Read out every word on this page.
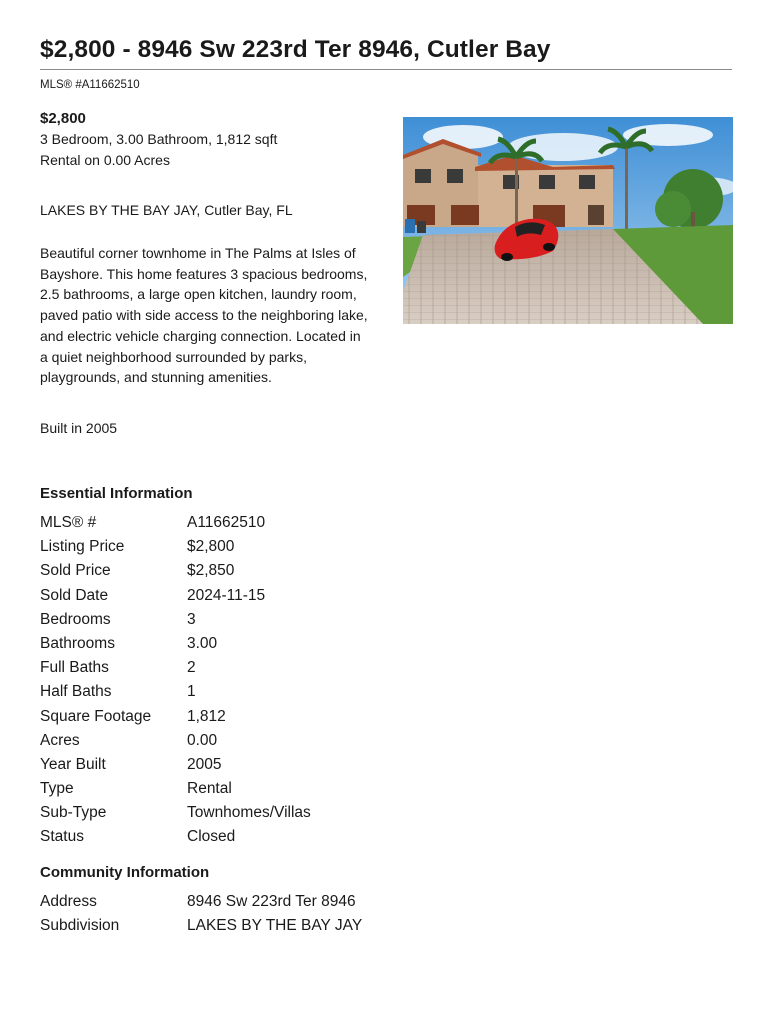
$2,800 - 8946 Sw 223rd Ter 8946, Cutler Bay
MLS® #A11662510
$2,800
3 Bedroom, 3.00 Bathroom, 1,812 sqft
Rental on 0.00 Acres
LAKES BY THE BAY JAY, Cutler Bay, FL
Beautiful corner townhome in The Palms at Isles of Bayshore. This home features 3 spacious bedrooms, 2.5 bathrooms, a large open kitchen, laundry room, paved patio with side access to the neighboring lake, and electric vehicle charging connection. Located in a quiet neighborhood surrounded by parks, playgrounds, and stunning amenities.
Built in 2005
Essential Information
MLS® #	A11662510
Listing Price	$2,800
Sold Price	$2,850
Sold Date	2024-11-15
Bedrooms	3
Bathrooms	3.00
Full Baths	2
Half Baths	1
Square Footage	1,812
Acres	0.00
Year Built	2005
Type	Rental
Sub-Type	Townhomes/Villas
Status	Closed
Community Information
Address	8946 Sw 223rd Ter 8946
Subdivision	LAKES BY THE BAY JAY
